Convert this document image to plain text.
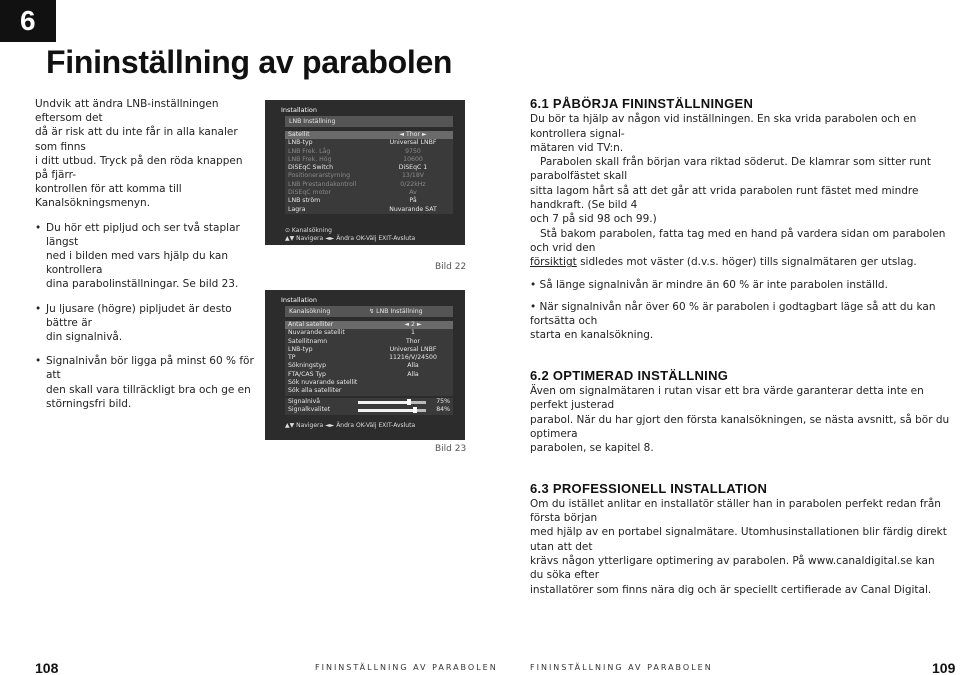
6
Fininställning av parabolen

Undvik att ändra LNB-inställningen eftersom det
då är risk att du inte får in alla kanaler som finns
i ditt utbud. Tryck på den röda knappen på fjärr-
kontrollen för att komma till Kanalsökningsmenyn.

• Du hör ett pipljud och ser två staplar längst
ned i bilden med vars hjälp du kan kontrollera
dina parabolinställningar. Se bild 23.
• Ju ljusare (högre) pipljudet är desto bättre är
din signalnivå.
• Signalnivån bör ligga på minst 60 % för att
den skall vara tillräckligt bra och ge en
störningsfri bild.
Installation
LNB Inställning
Satellit	◄ Thor ►
LNB-typ	Universal LNBF
LNB Frek. Låg	9750
LNB Frek. Hög	10600
DiSEqC Switch	DiSEqC 1
Positionerarstyrning	13/18V
LNB Prestandakontroll	0/22kHz
DiSEqC motor	Av
LNB ström	På
Lagra	Nuvarande SAT
⊙ Kanalsökning
▲▼ Navigera ◄► Ändra OK-Välj EXIT-Avsluta
Bild 22
Installation
Kanalsökning	↯ LNB Inställning
Antal satelliter	◄ 2 ►
Nuvarande satellit	1
Satellitnamn	Thor
LNB-typ	Universal LNBF
TP	11216/V/24500
Sökningstyp	Alla
FTA/CAS Typ	Alla
Sök nuvarande satellit
Sök alla satelliter
Signalnivå	75%
Signalkvalitet	84%
▲▼ Navigera ◄► Ändra OK-Välj EXIT-Avsluta
Bild 23
6.1 PÅBÖRJA FININSTÄLLNINGEN

Du bör ta hjälp av någon vid inställningen. En ska vrida parabolen och en kontrollera signal-
mätaren vid TV:n.

Parabolen skall från början vara riktad söderut. De klamrar som sitter runt parabolfästet skall
sitta lagom hårt så att det går att vrida parabolen runt fästet med mindre handkraft. (Se bild 4
och 7 på sid 98 och 99.)

Stå bakom parabolen, fatta tag med en hand på vardera sidan om parabolen och vrid den
försiktigt sidledes mot väster (d.v.s. höger) tills signalmätaren ger utslag.

• Så länge signalnivån är mindre än 60 % är inte parabolen inställd.

• När signalnivån når över 60 % är parabolen i godtagbart läge så att du kan fortsätta och
starta en kanalsökning.

6.2 OPTIMERAD INSTÄLLNING

Även om signalmätaren i rutan visar ett bra värde garanterar detta inte en perfekt justerad
parabol. När du har gjort den första kanalsökningen, se nästa avsnitt, så bör du optimera
parabolen, se kapitel 8.

6.3 PROFESSIONELL INSTALLATION

Om du istället anlitar en installatör ställer han in parabolen perfekt redan från första början
med hjälp av en portabel signalmätare. Utomhusinstallationen blir färdig direkt utan att det
krävs någon ytterligare optimering av parabolen. På www.canaldigital.se kan du söka efter
installatörer som finns nära dig och är speciellt certifierade av Canal Digital.

108	FININSTÄLLNING AV PARABOLEN	FININSTÄLLNING AV PARABOLEN	109
